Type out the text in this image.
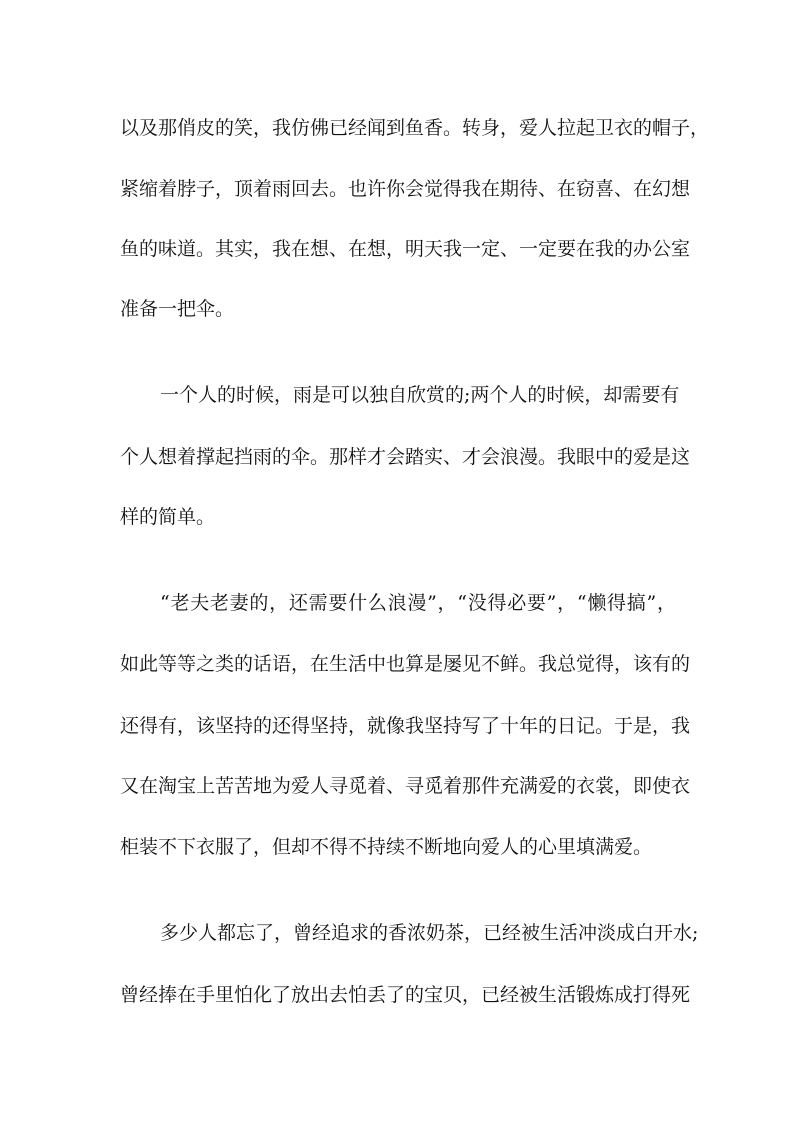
以及那俏皮的笑，我仿佛已经闻到鱼香。转身，爱人拉起卫衣的帽子，
紧缩着脖子，顶着雨回去。也许你会觉得我在期待、在窃喜、在幻想
鱼的味道。其实，我在想、在想，明天我一定、一定要在我的办公室
准备一把伞。
一个人的时候，雨是可以独自欣赏的;两个人的时候，却需要有
个人想着撑起挡雨的伞。那样才会踏实、才会浪漫。我眼中的爱是这
样的简单。
“老夫老妻的，还需要什么浪漫”，“没得必要”，“懒得搞”，
如此等等之类的话语，在生活中也算是屡见不鲜。我总觉得，该有的
还得有，该坚持的还得坚持，就像我坚持写了十年的日记。于是，我
又在淘宝上苦苦地为爱人寻觅着、寻觅着那件充满爱的衣裳，即使衣
柜装不下衣服了，但却不得不持续不断地向爱人的心里填满爱。
多少人都忘了，曾经追求的香浓奶茶，已经被生活冲淡成白开水;
曾经捧在手里怕化了放出去怕丢了的宝贝，已经被生活锻炼成打得死
